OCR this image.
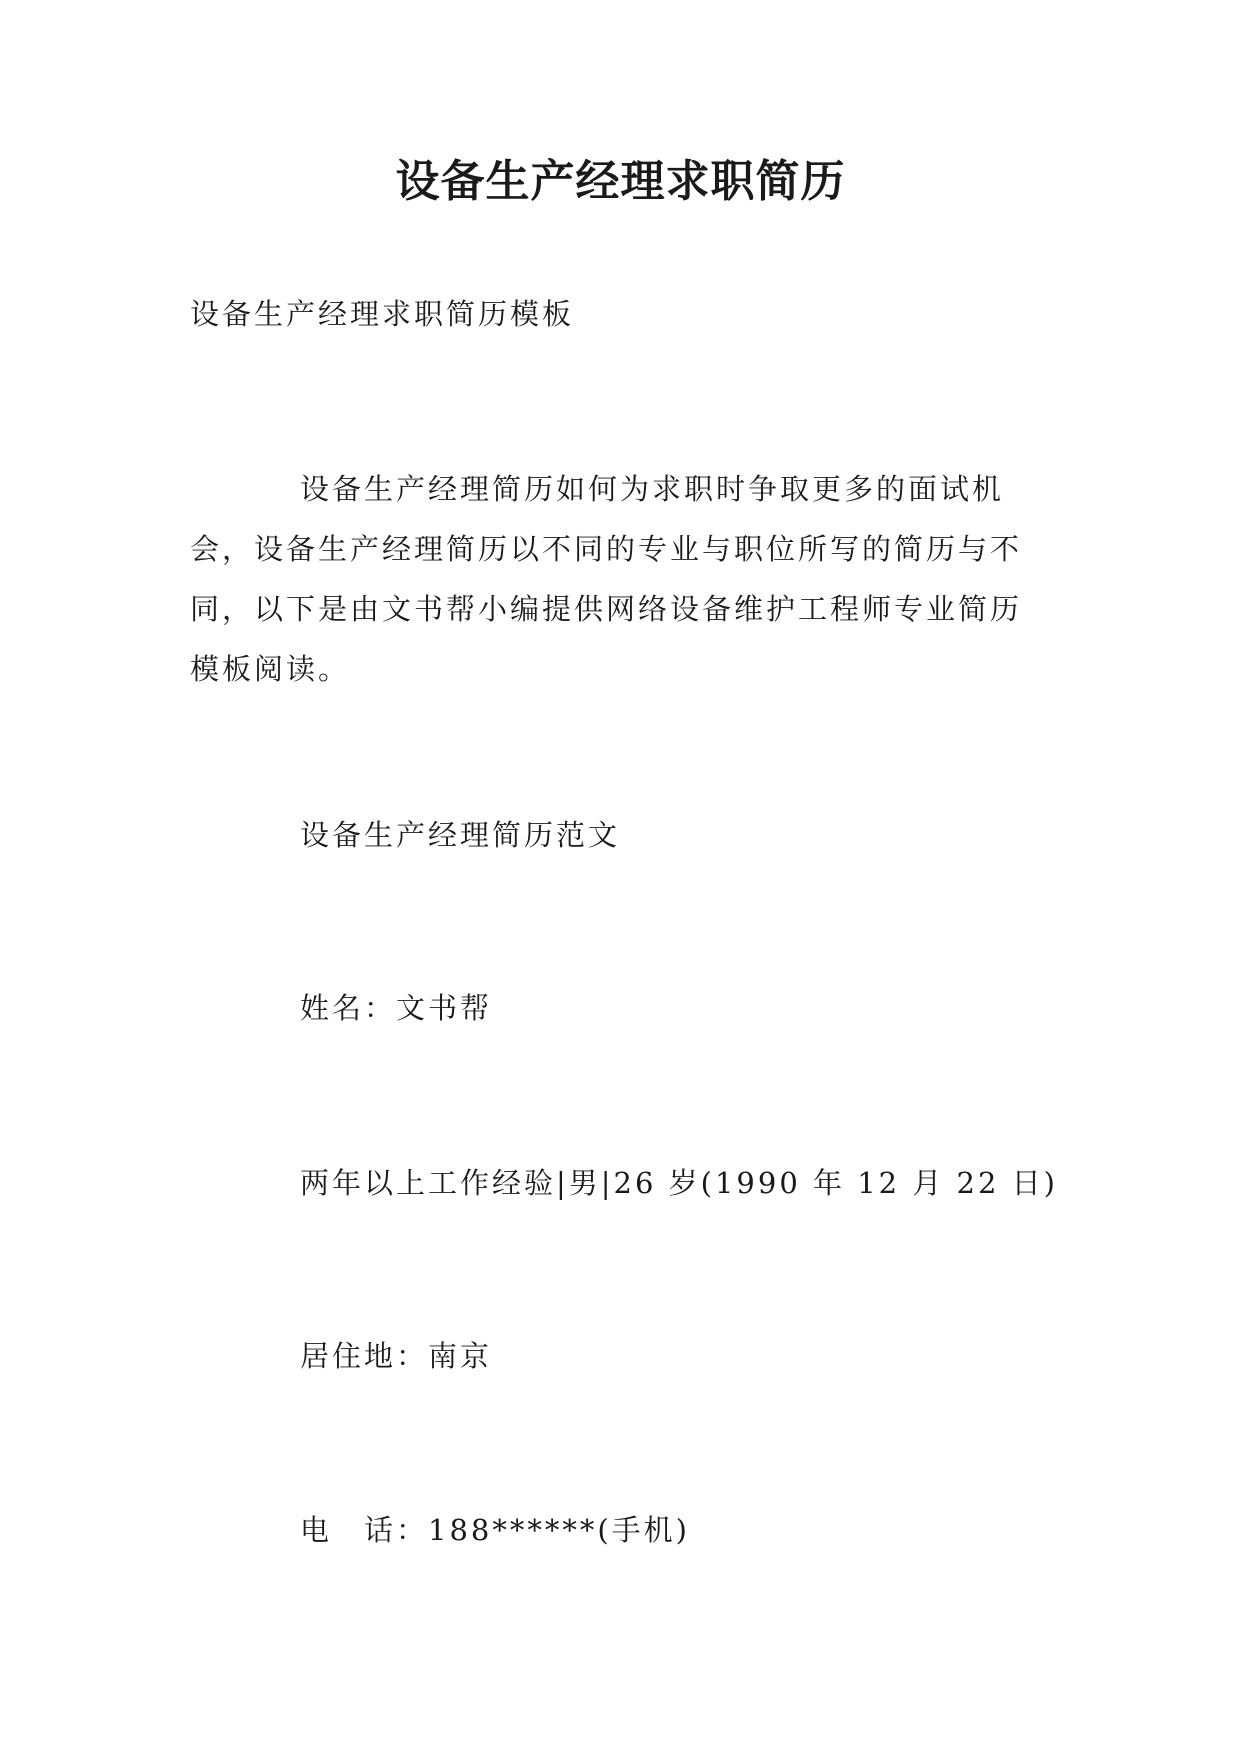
设备生产经理求职简历

设备生产经理求职简历模板

设备生产经理简历如何为求职时争取更多的面试机
会，设备生产经理简历以不同的专业与职位所写的简历与不
同，以下是由文书帮小编提供网络设备维护工程师专业简历
模板阅读。

设备生产经理简历范文

姓名：文书帮

两年以上工作经验|男|26 岁(1990 年 12 月 22 日)

居住地：南京

电　话：188******(手机)
